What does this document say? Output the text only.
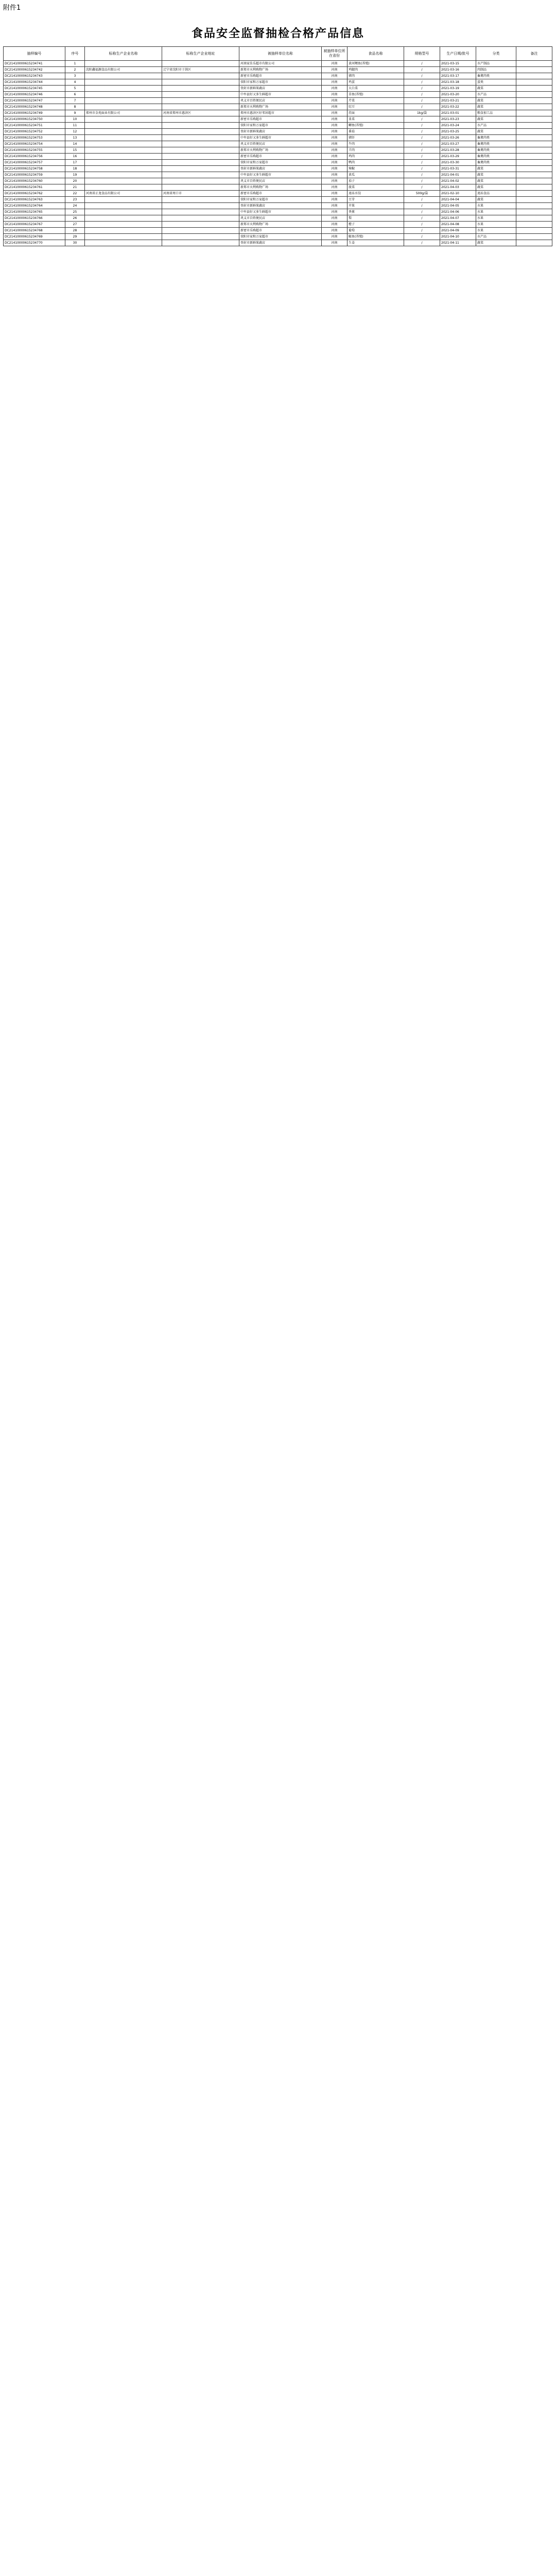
附件1
食品安全监督抽检合格产品信息
抽样编号	序号	标称生产企业名称	标称生产企业地址	被抽样单位名称	被抽样单位所在省份	食品名称	规格型号	生产日期/批号	分类	备注
DC21410000615234741	1			河南家佳乐超市有限公司	河南	黄河鲤鱼(养殖)	/	2021-03-15	水产制品	
DC21410000615234742	2	沈阳鑫福源食品有限公司	辽宁省沈阳市于洪区	新郑市天利购物广场	河南	鸡腿肉	/	2021-03-16	肉制品	
DC21410000615234743	3			新密市乐购超市	河南	猪肉	/	2021-03-17	畜禽肉类	
DC21410000615234744	4			荥阳市家和万家超市	河南	鸡蛋	/	2021-03-18	蛋类	
DC21410000615234745	5			登封市新鲜果蔬店	河南	大白菜	/	2021-03-19	蔬菜	
DC21410000615234746	6			中牟县好又多生鲜超市	河南	草鱼(养殖)	/	2021-03-20	水产品	
DC21410000615234747	7			巩义市百姓便民店	河南	芹菜	/	2021-03-21	蔬菜	
DC21410000615234748	8			新郑市天利购物广场	河南	豇豆	/	2021-03-22	蔬菜	
DC21410000615234749	9	郑州市金苑面业有限公司	河南省郑州市惠济区	郑州市惠济区好邻居超市	河南	挂面	1kg/袋	2021-03-01	粮食加工品	
DC21410000615234750	10			新密市乐购超市	河南	韭菜	/	2021-03-23	蔬菜	
DC21410000615234751	11			荥阳市家和万家超市	河南	鲫鱼(养殖)	/	2021-03-24	水产品	
DC21410000615234752	12			登封市新鲜果蔬店	河南	番茄	/	2021-03-25	蔬菜	
DC21410000615234753	13			中牟县好又多生鲜超市	河南	猪肝	/	2021-03-26	畜禽肉类	
DC21410000615234754	14			巩义市百姓便民店	河南	牛肉	/	2021-03-27	畜禽肉类	
DC21410000615234755	15			新郑市天利购物广场	河南	羊肉	/	2021-03-28	畜禽肉类	
DC21410000615234756	16			新密市乐购超市	河南	鸡肉	/	2021-03-29	畜禽肉类	
DC21410000615234757	17			荥阳市家和万家超市	河南	鸭肉	/	2021-03-30	畜禽肉类	
DC21410000615234758	18			登封市新鲜果蔬店	河南	辣椒	/	2021-03-31	蔬菜	
DC21410000615234759	19			中牟县好又多生鲜超市	河南	黄瓜	/	2021-04-01	蔬菜	
DC21410000615234760	20			巩义市百姓便民店	河南	茄子	/	2021-04-02	蔬菜	
DC21410000615234761	21			新郑市天利购物广场	河南	菠菜	/	2021-04-03	蔬菜	
DC21410000615234762	22	河南省正龙食品有限公司	河南省周口市	新密市乐购超市	河南	速冻水饺	500g/袋	2021-02-10	速冻食品	
DC21410000615234763	23			荥阳市家和万家超市	河南	豆芽	/	2021-04-04	蔬菜	
DC21410000615234764	24			登封市新鲜果蔬店	河南	苹果	/	2021-04-05	水果	
DC21410000615234765	25			中牟县好又多生鲜超市	河南	香蕉	/	2021-04-06	水果	
DC21410000615234766	26			巩义市百姓便民店	河南	梨	/	2021-04-07	水果	
DC21410000615234767	27			新郑市天利购物广场	河南	橙子	/	2021-04-08	水果	
DC21410000615234768	28			新密市乐购超市	河南	葡萄	/	2021-04-09	水果	
DC21410000615234769	29			荥阳市家和万家超市	河南	鲢鱼(养殖)	/	2021-04-10	水产品	
DC21410000615234770	30			登封市新鲜果蔬店	河南	生姜	/	2021-04-11	蔬菜	
